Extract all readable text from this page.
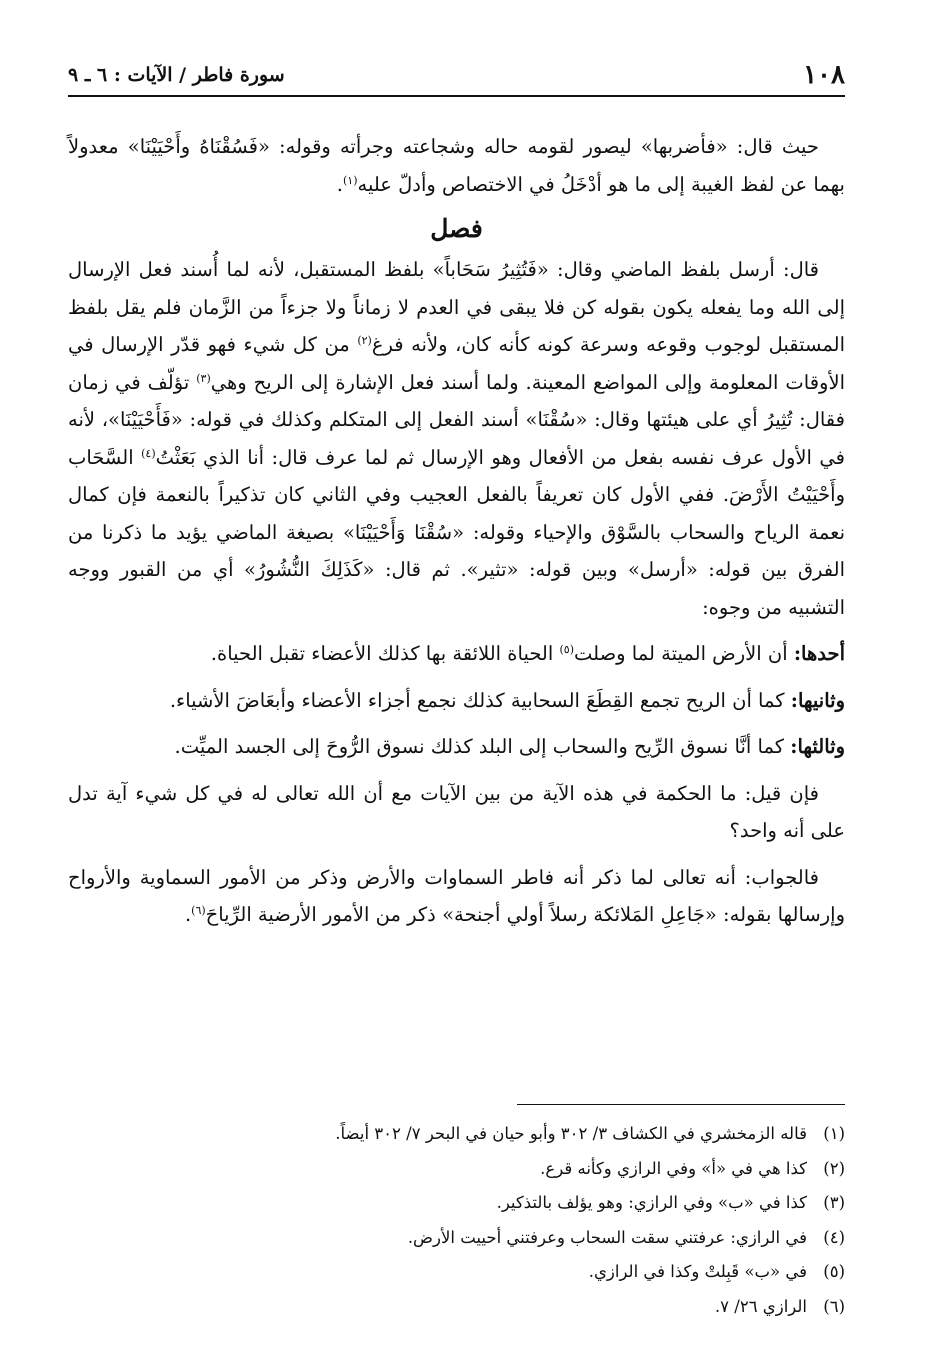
١٠٨
سورة فاطر / الآيات : ٦ ـ ٩

حيث قال: «فأضربها» ليصور لقومه حاله وشجاعته وجرأته وقوله: «فَسُقْنَاهُ وأَحْيَيْنَا» معدولاً بهما عن لفظ الغيبة إلى ما هو أدْخَلُ في الاختصاص وأدلّ عليه$^{(١)}$.

فصل

قال: أرسل بلفظ الماضي وقال: «فَتُثِيرُ سَحَاباً» بلفظ المستقبل، لأنه لما أُسند فعل الإرسال إلى الله وما يفعله يكون بقوله كن فلا يبقى في العدم لا زماناً ولا جزءاً من الزَّمان فلم يقل بلفظ المستقبل لوجوب وقوعه وسرعة كونه كأنه كان، ولأنه فرغ$^{(٢)}$ من كل شيء فهو قدّر الإرسال في الأوقات المعلومة وإلى المواضع المعينة. ولما أسند فعل الإشارة إلى الريح وهي$^{(٣)}$ تؤلّف في زمان فقال: تُثِيرُ أي على هيئتها وقال: «سُقْنَا» أسند الفعل إلى المتكلم وكذلك في قوله: «فَأَحْيَيْنَا»، لأنه في الأول عرف نفسه بفعل من الأفعال وهو الإرسال ثم لما عرف قال: أنا الذي بَعَثْتُ$^{(٤)}$ السَّحَاب وأَحْيَيْتُ الأَرْضَ. ففي الأول كان تعريفاً بالفعل العجيب وفي الثاني كان تذكيراً بالنعمة فإن كمال نعمة الرياح والسحاب بالسَّوْق والإحياء وقوله: «سُقْنَا وَأَحْيَيْنَا» بصيغة الماضي يؤيد ما ذكرنا من الفرق بين قوله: «أرسل» وبين قوله: «تثير». ثم قال: «كَذَلِكَ النُّشُورُ» أي من القبور ووجه التشبيه من وجوه:

أحدها: أن الأرض الميتة لما وصلت$^{(٥)}$ الحياة اللائقة بها كذلك الأعضاء تقبل الحياة.

وثانيها: كما أن الريح تجمع القِطَعَ السحابية كذلك نجمع أجزاء الأعضاء وأبعَاضَ الأشياء.

وثالثها: كما أنَّا نسوق الرِّيح والسحاب إلى البلد كذلك نسوق الرُّوحَ إلى الجسد الميِّت.

فإن قيل: ما الحكمة في هذه الآية من بين الآيات مع أن الله تعالى له في كل شيء آية تدل على أنه واحد؟

فالجواب: أنه تعالى لما ذكر أنه فاطر السماوات والأرض وذكر من الأمور السماوية والأرواح وإرسالها بقوله: «جَاعِلِ المَلائكة رسلاً أولي أجنحة» ذكر من الأمور الأرضية الرِّياحَ$^{(٦)}$.

(١)قاله الزمخشري في الكشاف ٣/ ٣٠٢ وأبو حيان في البحر ٧/ ٣٠٢ أيضاً.
(٢)كذا هي في «أ» وفي الرازي وكأنه قرع.
(٣)كذا في «ب» وفي الرازي: وهو يؤلف بالتذكير.
(٤)في الرازي: عرفتني سقت السحاب وعرفتني أحييت الأرض.
(٥)في «ب» قَبِلتْ وكذا في الرازي.
(٦)الرازي ٢٦/ ٧.
